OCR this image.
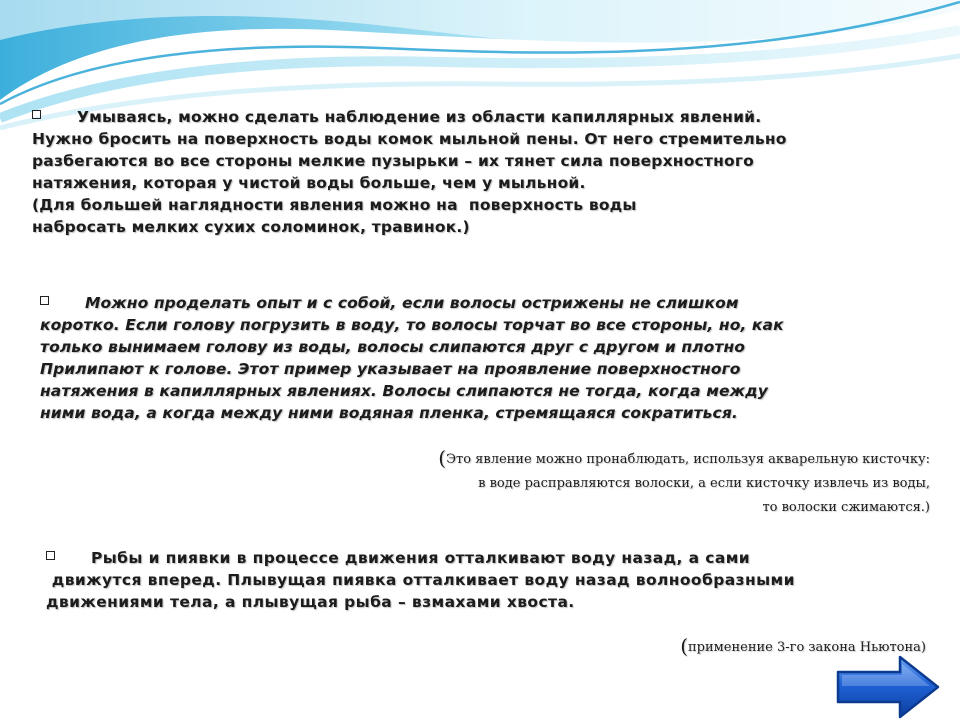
Умываясь, можно сделать наблюдение из области капиллярных явлений.
Нужно бросить на поверхность воды комок мыльной пены. От него стремительно
разбегаются во все стороны мелкие пузырьки – их тянет сила поверхностного
натяжения, которая у чистой воды больше, чем у мыльной.
(Для большей наглядности явления можно на  поверхность воды
набросать мелких сухих соломинок, травинок.)
Можно проделать опыт и с собой, если волосы острижены не слишком
коротко. Если голову погрузить в воду, то волосы торчат во все стороны, но, как
только вынимаем голову из воды, волосы слипаются друг с другом и плотно
Прилипают к голове. Этот пример указывает на проявление поверхностного
натяжения в капиллярных явлениях. Волосы слипаются не тогда, когда между
ними вода, а когда между ними водяная пленка, стремящаяся сократиться.
(Это явление можно пронаблюдать, используя акварельную кисточку:
в воде расправляются волоски, а если кисточку извлечь из воды,
то волоски сжимаются.)
Рыбы и пиявки в процессе движения отталкивают воду назад, а сами
движутся вперед. Плывущая пиявка отталкивает воду назад волнообразными
движениями тела, а плывущая рыба – взмахами хвоста.
(применение 3-го закона Ньютона)
